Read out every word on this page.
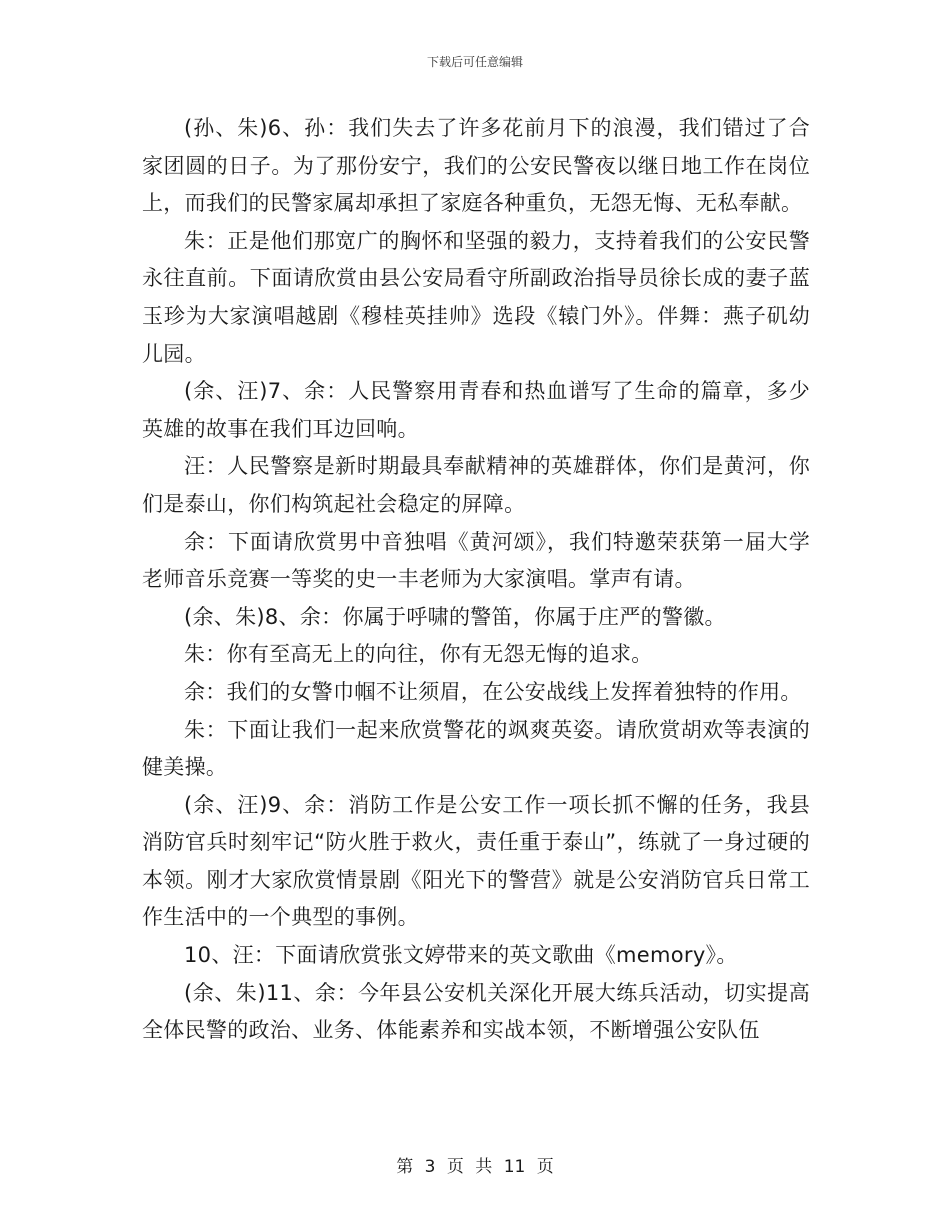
下载后可任意编辑

(孙、朱)6、孙：我们失去了许多花前月下的浪漫，我们错过了合家团圆的日子。为了那份安宁，我们的公安民警夜以继日地工作在岗位上，而我们的民警家属却承担了家庭各种重负，无怨无悔、无私奉献。

朱：正是他们那宽广的胸怀和坚强的毅力，支持着我们的公安民警永往直前。下面请欣赏由县公安局看守所副政治指导员徐长成的妻子蓝玉珍为大家演唱越剧《穆桂英挂帅》选段《辕门外》。伴舞：燕子矶幼儿园。

(余、汪)7、余：人民警察用青春和热血谱写了生命的篇章，多少英雄的故事在我们耳边回响。

汪：人民警察是新时期最具奉献精神的英雄群体，你们是黄河，你们是泰山，你们构筑起社会稳定的屏障。

余：下面请欣赏男中音独唱《黄河颂》，我们特邀荣获第一届大学老师音乐竞赛一等奖的史一丰老师为大家演唱。掌声有请。

(余、朱)8、余：你属于呼啸的警笛，你属于庄严的警徽。

朱：你有至高无上的向往，你有无怨无悔的追求。

余：我们的女警巾帼不让须眉，在公安战线上发挥着独特的作用。

朱：下面让我们一起来欣赏警花的飒爽英姿。请欣赏胡欢等表演的健美操。

(余、汪)9、余：消防工作是公安工作一项长抓不懈的任务，我县消防官兵时刻牢记“防火胜于救火，责任重于泰山”，练就了一身过硬的本领。刚才大家欣赏情景剧《阳光下的警营》就是公安消防官兵日常工作生活中的一个典型的事例。

10、汪：下面请欣赏张文婷带来的英文歌曲《memory》。

(余、朱)11、余：今年县公安机关深化开展大练兵活动，切实提高全体民警的政治、业务、体能素养和实战本领，不断增强公安队伍

第 3 页 共 11 页
